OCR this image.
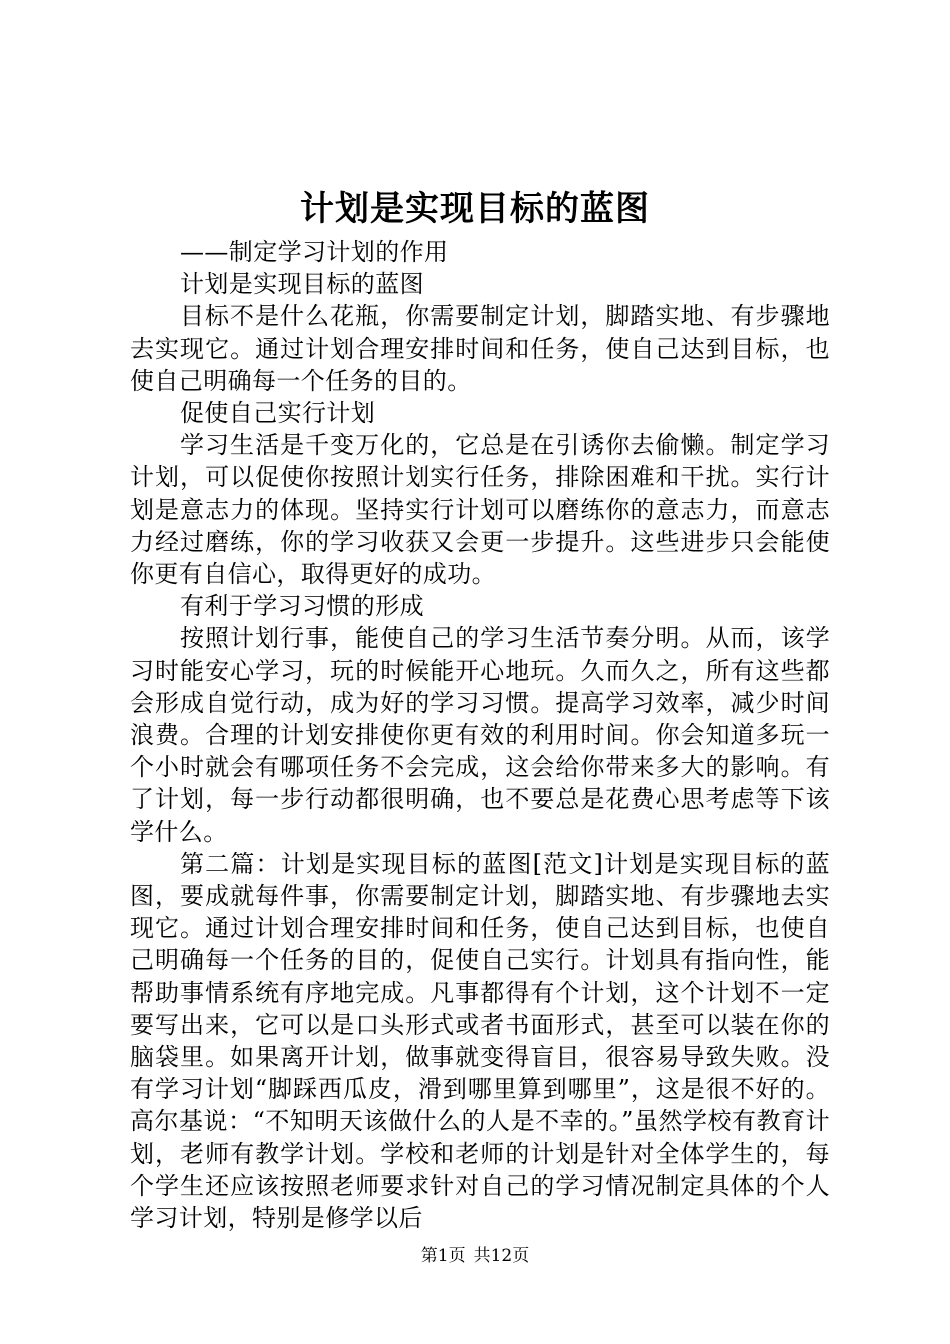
计划是实现目标的蓝图

——制定学习计划的作用

计划是实现目标的蓝图

目标不是什么花瓶，你需要制定计划，脚踏实地、有步骤地去实现它。通过计划合理安排时间和任务，使自己达到目标，也使自己明确每一个任务的目的。

促使自己实行计划

学习生活是千变万化的，它总是在引诱你去偷懒。制定学习计划，可以促使你按照计划实行任务，排除困难和干扰。实行计划是意志力的体现。坚持实行计划可以磨练你的意志力，而意志力经过磨练，你的学习收获又会更一步提升。这些进步只会能使你更有自信心，取得更好的成功。

有利于学习习惯的形成

按照计划行事，能使自己的学习生活节奏分明。从而，该学习时能安心学习，玩的时候能开心地玩。久而久之，所有这些都会形成自觉行动，成为好的学习习惯。提高学习效率，减少时间浪费。合理的计划安排使你更有效的利用时间。你会知道多玩一个小时就会有哪项任务不会完成，这会给你带来多大的影响。有了计划，每一步行动都很明确，也不要总是花费心思考虑等下该学什么。

第二篇：计划是实现目标的蓝图[范文]计划是实现目标的蓝图，要成就每件事，你需要制定计划，脚踏实地、有步骤地去实现它。通过计划合理安排时间和任务，使自己达到目标，也使自己明确每一个任务的目的，促使自己实行。计划具有指向性，能帮助事情系统有序地完成。凡事都得有个计划，这个计划不一定要写出来，它可以是口头形式或者书面形式，甚至可以装在你的脑袋里。如果离开计划，做事就变得盲目，很容易导致失败。没有学习计划“脚踩西瓜皮，滑到哪里算到哪里”，这是很不好的。高尔基说：“不知明天该做什么的人是不幸的。”虽然学校有教育计划，老师有教学计划。学校和老师的计划是针对全体学生的，每个学生还应该按照老师要求针对自己的学习情况制定具体的个人学习计划，特别是修学以后

第1页 共12页
